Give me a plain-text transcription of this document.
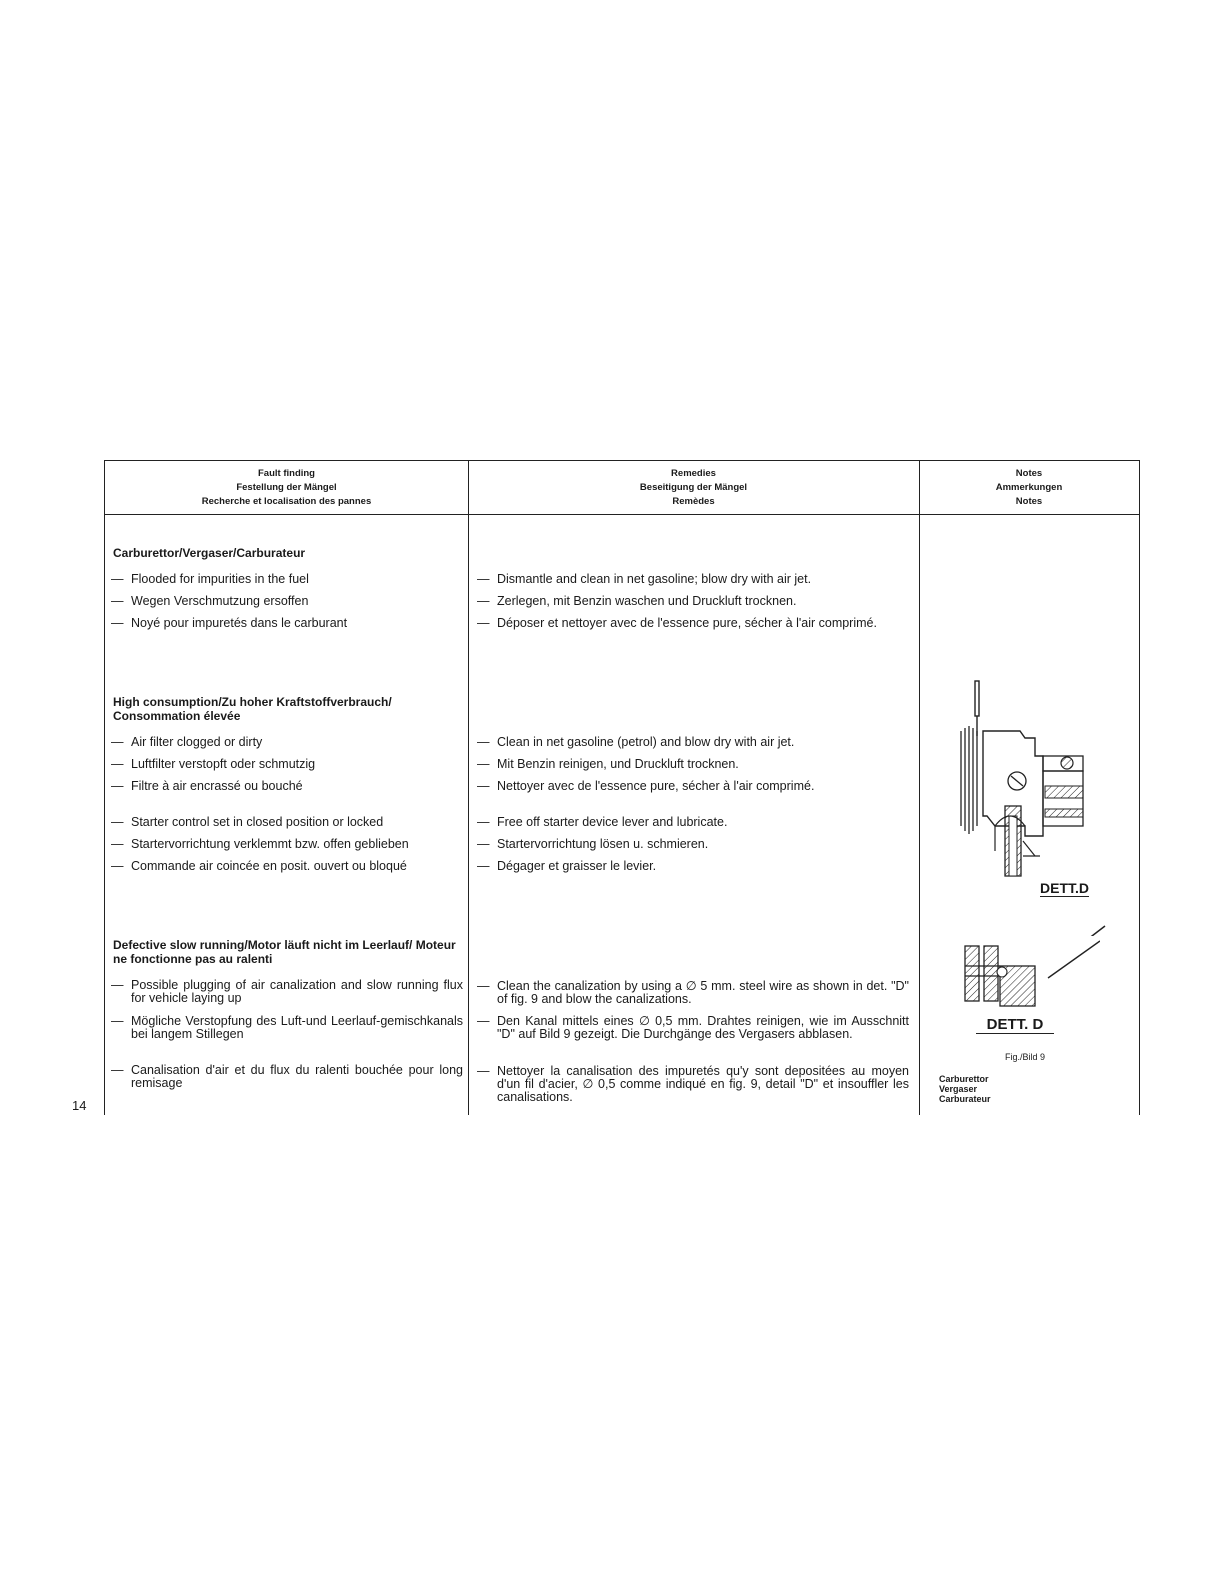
14
Fault finding
Festellung der Mängel
Recherche et localisation des pannes
Remedies
Beseitigung der Mängel
Remèdes
Notes
Ammerkungen
Notes
Carburettor/Vergaser/Carburateur
— Flooded for impurities in the fuel
— Wegen Verschmutzung ersoffen
— Noyé pour impuretés dans le carburant
— Dismantle and clean in net gasoline; blow dry with air jet.
— Zerlegen, mit Benzin waschen und Druckluft trocknen.
— Déposer et nettoyer avec de l'essence pure, sécher à l'air comprimé.
High consumption/Zu hoher Kraftstoffverbrauch/ Consommation élevée
— Air filter clogged or dirty
— Luftfilter verstopft oder schmutzig
— Filtre à air encrassé ou bouché
— Starter control set in closed position or locked
— Startervorrichtung verklemmt bzw. offen geblieben
— Commande air coincée en posit. ouvert ou bloqué
— Clean in net gasoline (petrol) and blow dry with air jet.
— Mit Benzin reinigen, und Druckluft trocknen.
— Nettoyer avec de l'essence pure, sécher à l'air comprimé.
— Free off starter device lever and lubricate.
— Startervorrichtung lösen u. schmieren.
— Dégager et graisser le levier.
Defective slow running/Motor läuft nicht im Leerlauf/ Moteur ne fonctionne pas au ralenti
— Possible plugging of air canalization and slow running flux for vehicle laying up
— Mögliche Verstopfung des Luft-und Leerlauf-gemischkanals bei langem Stillegen
— Canalisation d'air et du flux du ralenti bouchée pour long remisage
— Clean the canalization by using a ∅ 5 mm. steel wire as shown in det. "D" of fig. 9 and blow the canalizations.
— Den Kanal mittels eines ∅ 0,5 mm. Drahtes reinigen, wie im Ausschnitt "D" auf Bild 9 gezeigt. Die Durchgänge des Vergasers abblasen.
— Nettoyer la canalisation des impuretés qu'y sont depositées au moyen d'un fil d'acier, ∅ 0,5 comme indiqué en fig. 9, detail "D" et insouffler les canalisations.
DETT.D
DETT. D
Fig./Bild 9
Carburettor
Vergaser
Carburateur
